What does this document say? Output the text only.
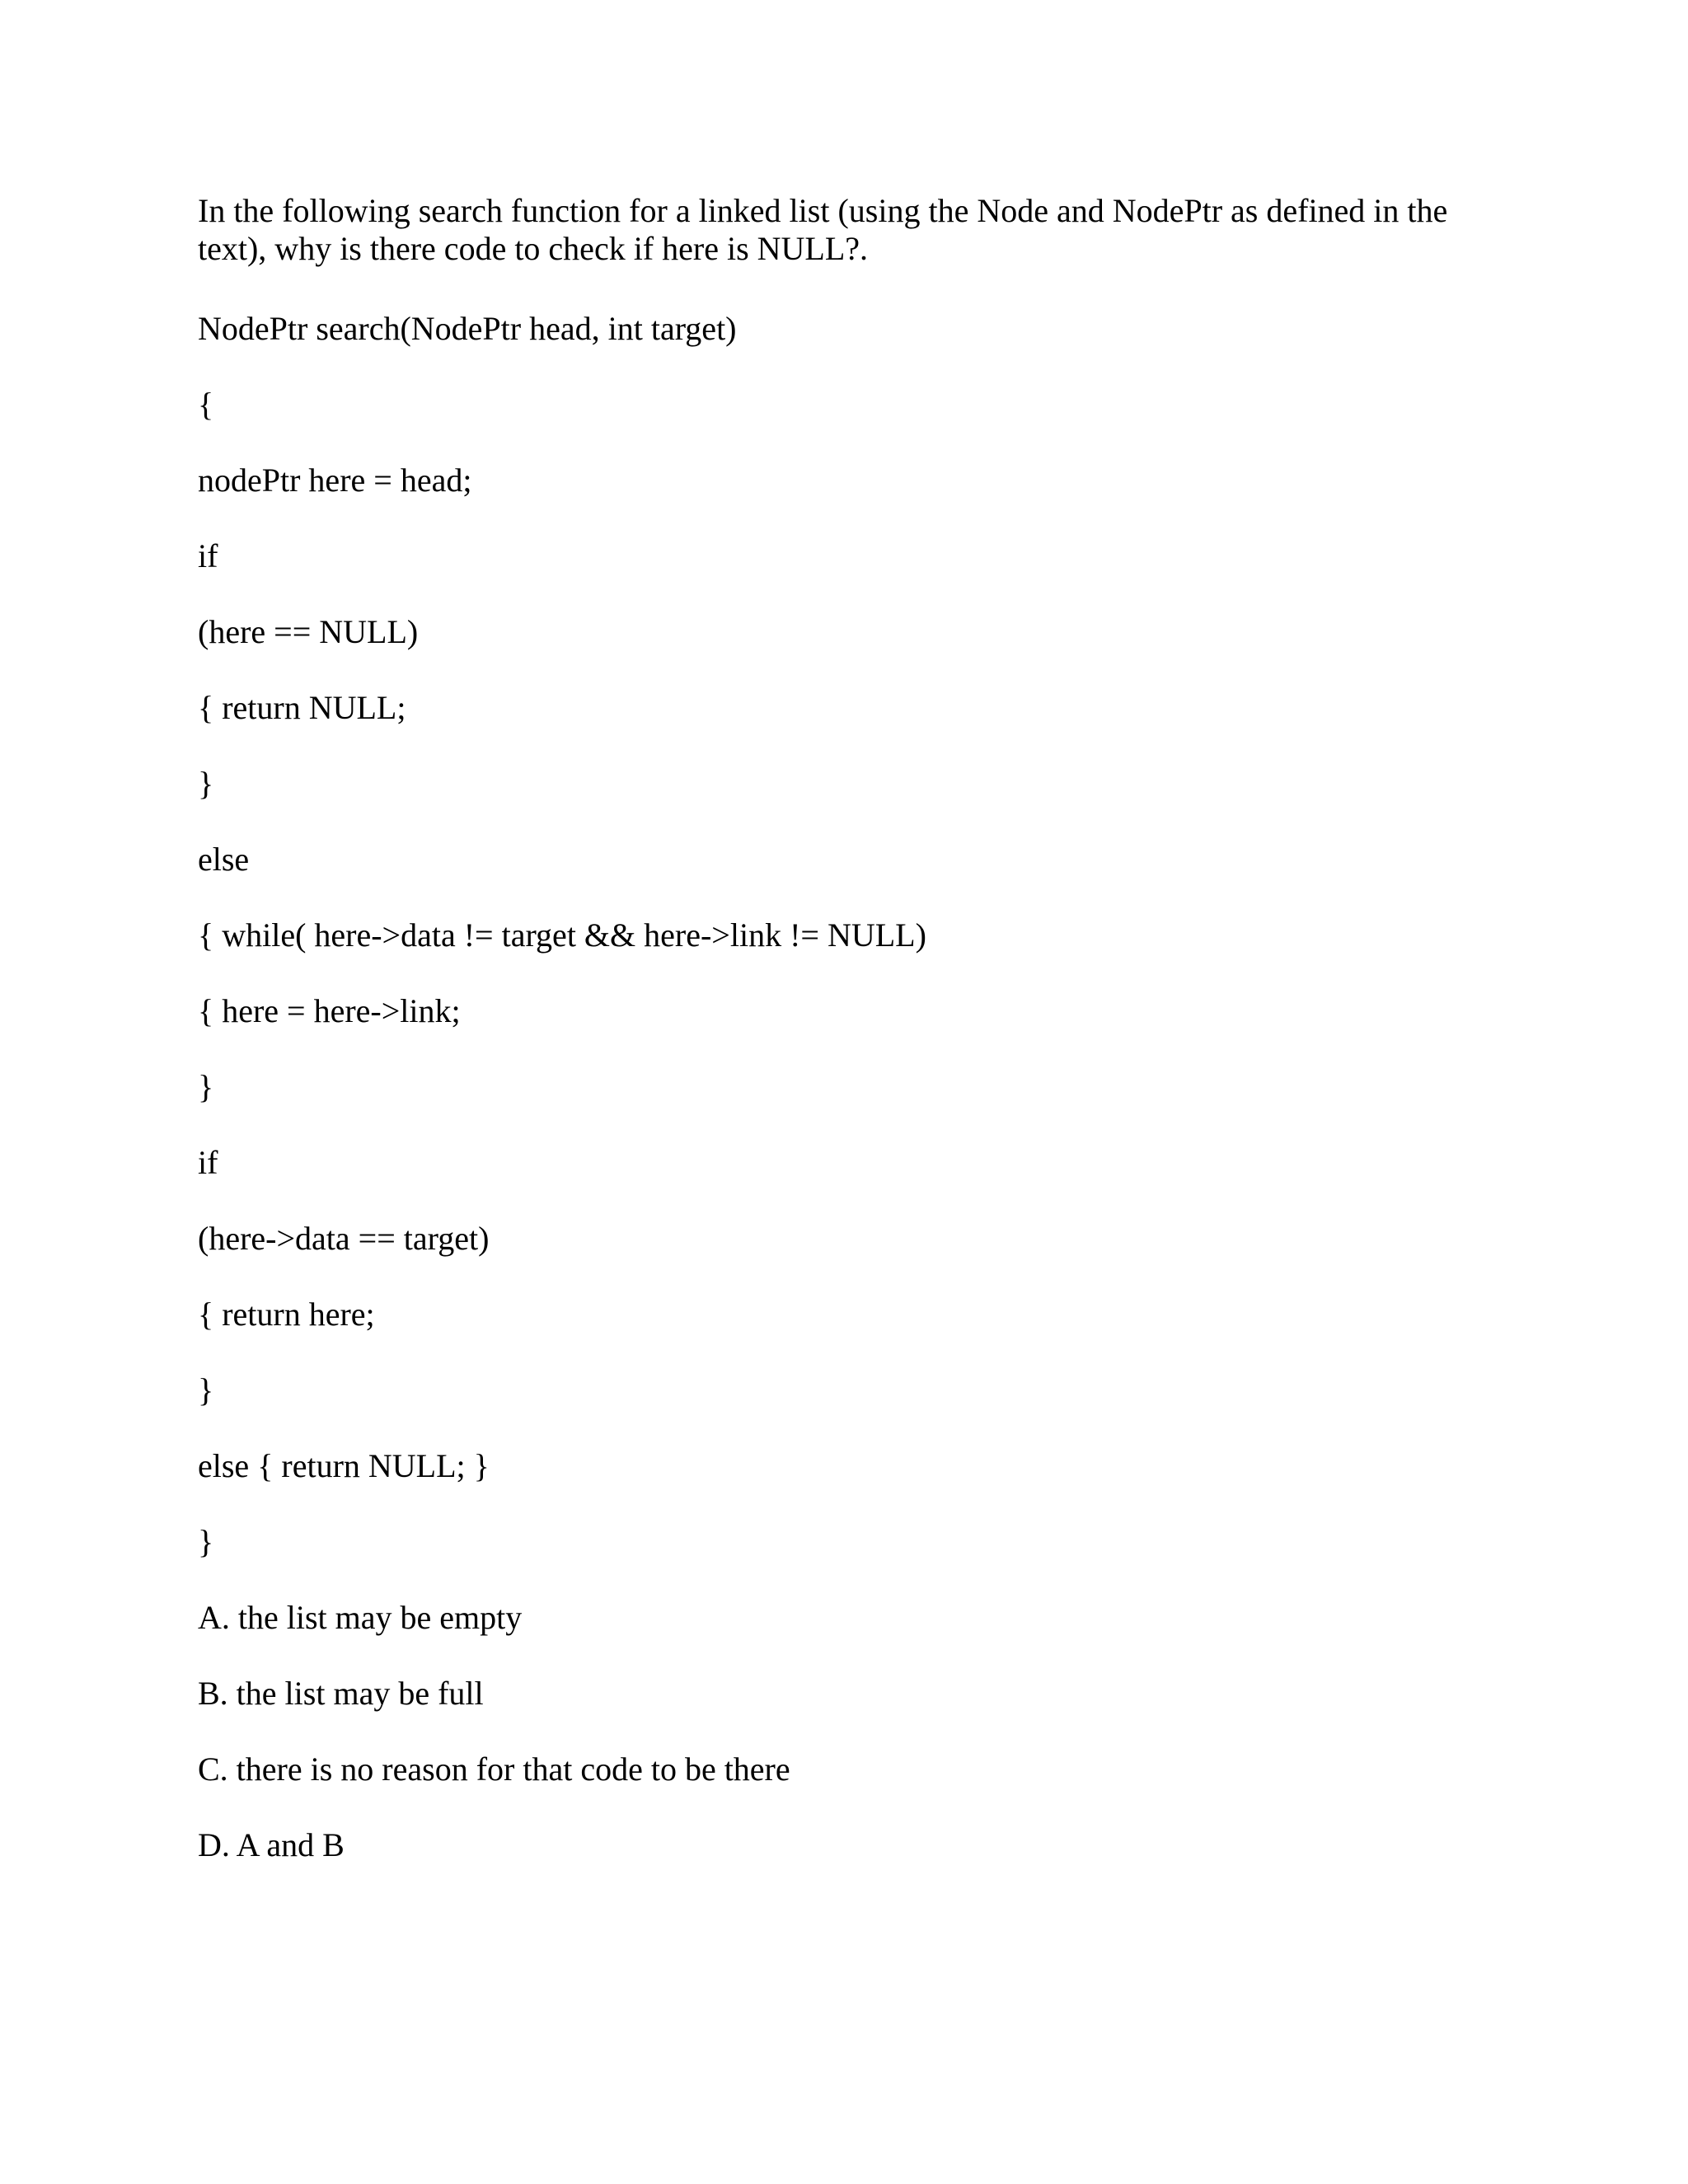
In the following search function for a linked list (using the Node and NodePtr as defined in the text), why is there code to check if here is NULL?.

NodePtr search(NodePtr head, int target)

{

nodePtr here = head;

if

(here == NULL)

{ return NULL;

}

else

{ while( here->data != target && here->link != NULL)

{ here = here->link;

}

if

(here->data == target)

{ return here;

}

else { return NULL; }

}

A. the list may be empty

B. the list may be full

C. there is no reason for that code to be there

D. A and B
